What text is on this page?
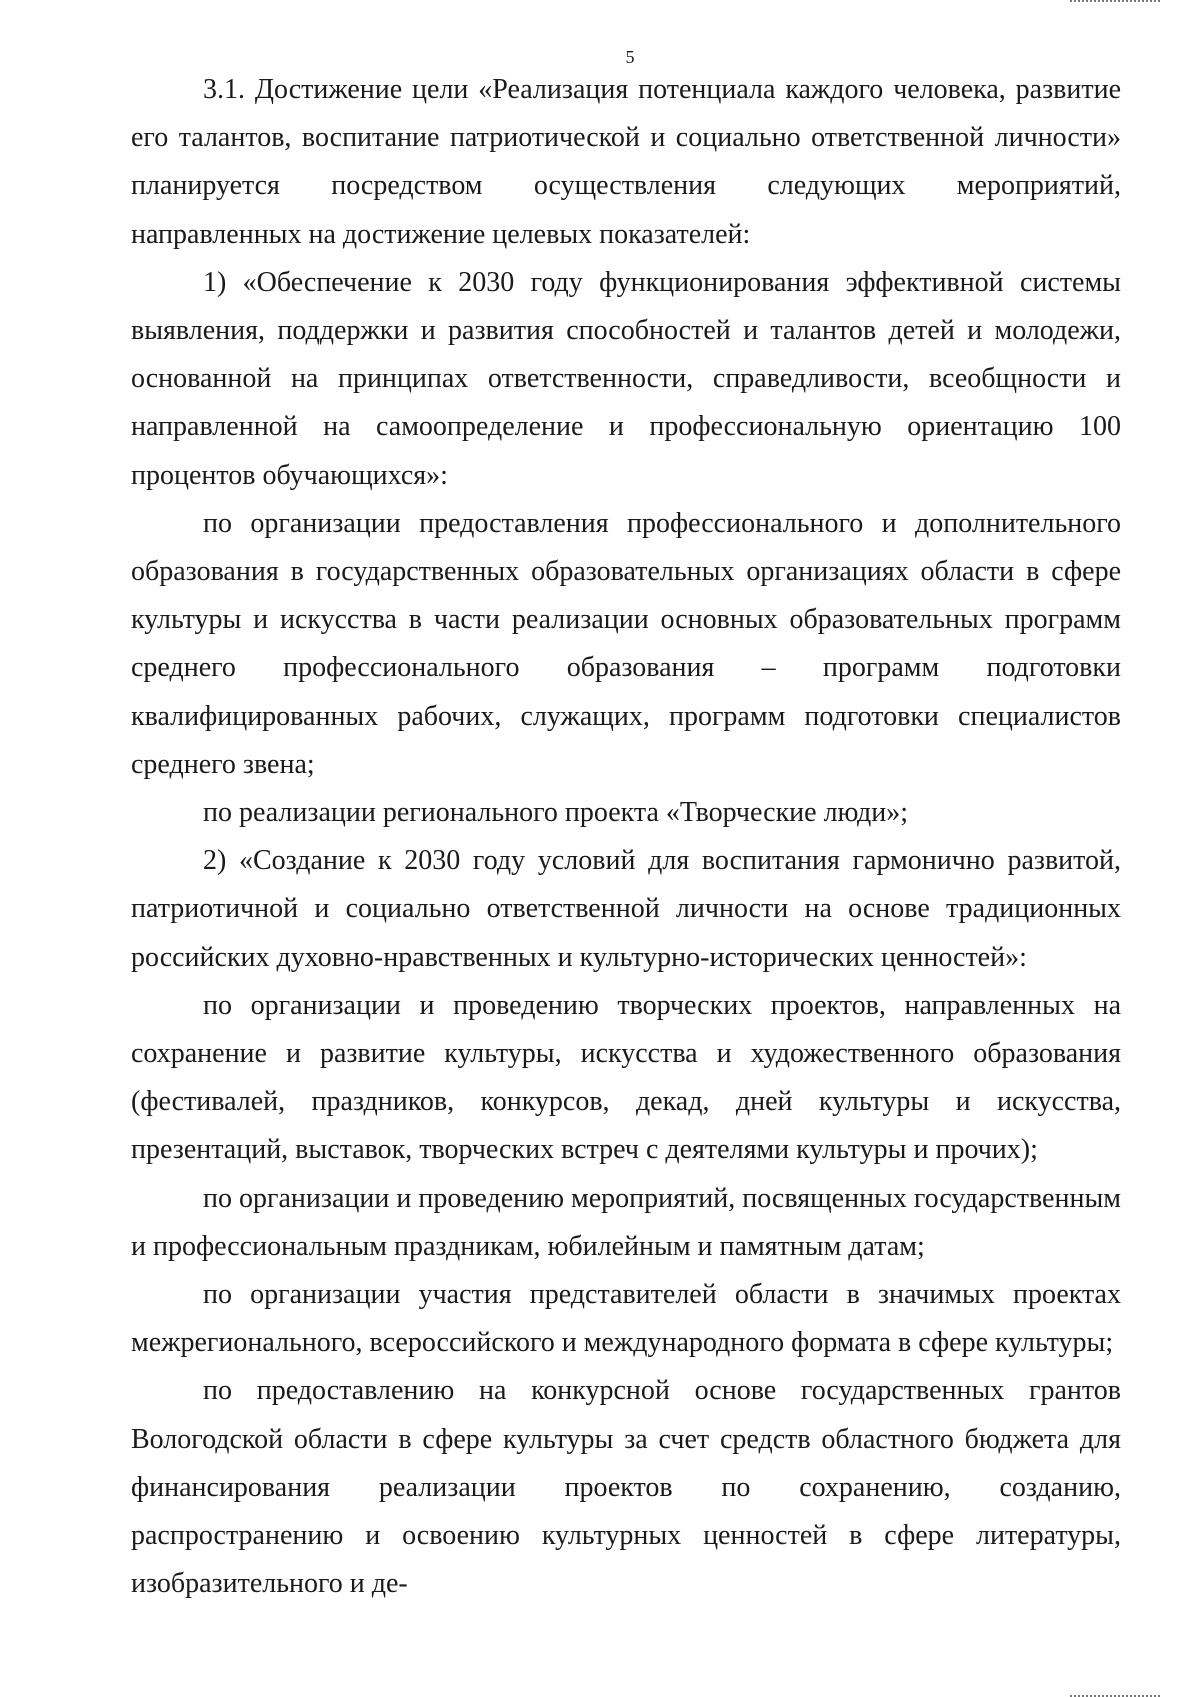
5

3.1. Достижение цели «Реализация потенциала каждого человека, развитие его талантов, воспитание патриотической и социально ответственной личности» планируется посредством осуществления следующих мероприятий, направленных на достижение целевых показателей:

1) «Обеспечение к 2030 году функционирования эффективной системы выявления, поддержки и развития способностей и талантов детей и молодежи, основанной на принципах ответственности, справедливости, всеобщности и направленной на самоопределение и профессиональную ориентацию 100 процентов обучающихся»:

по организации предоставления профессионального и дополнительного образования в государственных образовательных организациях области в сфере культуры и искусства в части реализации основных образовательных программ среднего профессионального образования – программ подготовки квалифицированных рабочих, служащих, программ подготовки специалистов среднего звена;

по реализации регионального проекта «Творческие люди»;

2) «Создание к 2030 году условий для воспитания гармонично развитой, патриотичной и социально ответственной личности на основе традиционных российских духовно-нравственных и культурно-исторических ценностей»:

по организации и проведению творческих проектов, направленных на сохранение и развитие культуры, искусства и художественного образования (фестивалей, праздников, конкурсов, декад, дней культуры и искусства, презентаций, выставок, творческих встреч с деятелями культуры и прочих);

по организации и проведению мероприятий, посвященных государственным и профессиональным праздникам, юбилейным и памятным датам;

по организации участия представителей области в значимых проектах межрегионального, всероссийского и международного формата в сфере культуры;

по предоставлению на конкурсной основе государственных грантов Вологодской области в сфере культуры за счет средств областного бюджета для финансирования реализации проектов по сохранению, созданию, распространению и освоению культурных ценностей в сфере литературы, изобразительного и де-
